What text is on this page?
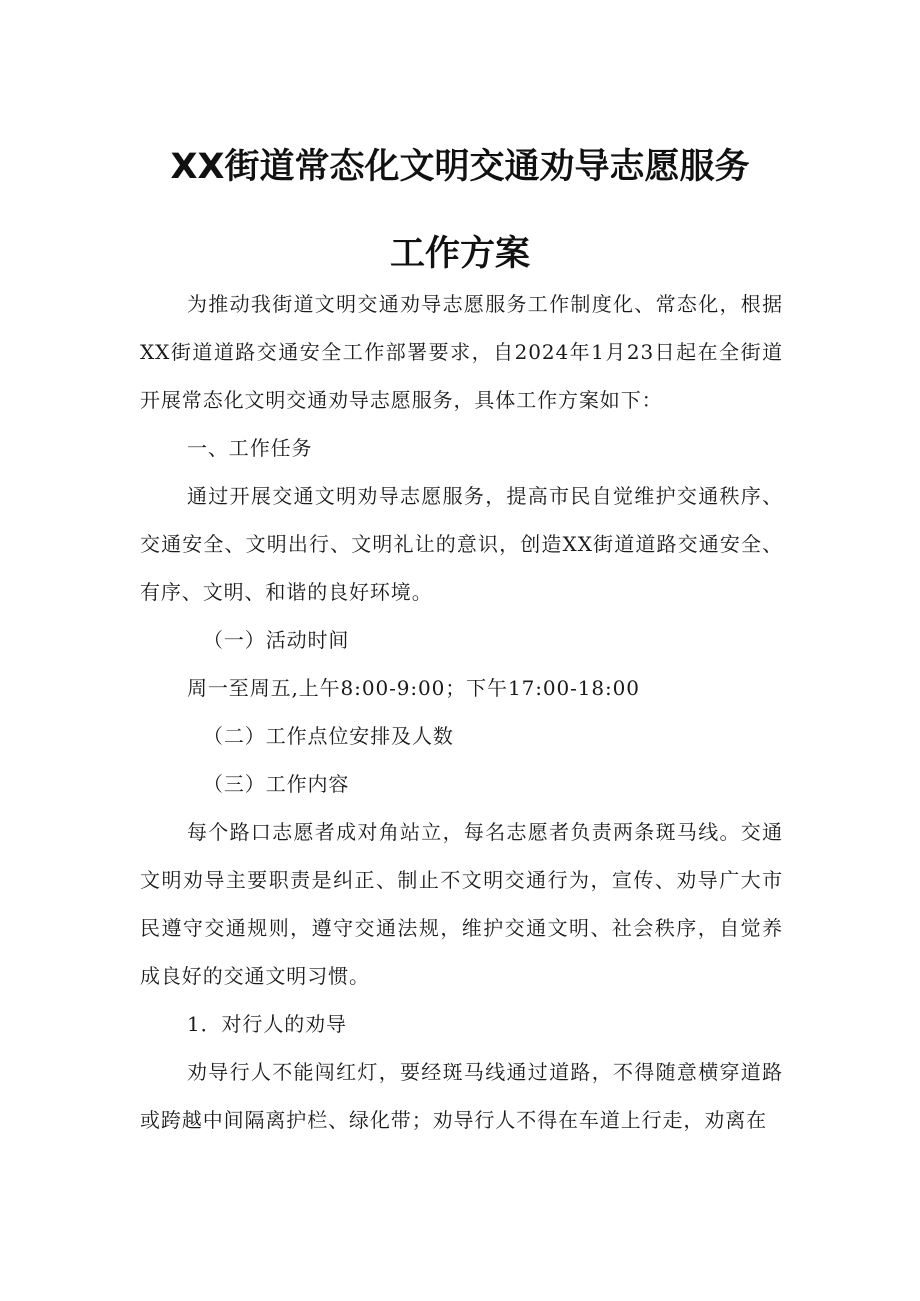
XX街道常态化文明交通劝导志愿服务
工作方案
为推动我街道文明交通劝导志愿服务工作制度化、常态化，根据XX街道道路交通安全工作部署要求，自2024年1月23日起在全街道开展常态化文明交通劝导志愿服务，具体工作方案如下：
一、工作任务
通过开展交通文明劝导志愿服务，提高市民自觉维护交通秩序、交通安全、文明出行、文明礼让的意识，创造XX街道道路交通安全、有序、文明、和谐的良好环境。
（一）活动时间
周一至周五,上午8:00-9:00；下午17:00-18:00
（二）工作点位安排及人数
（三）工作内容
每个路口志愿者成对角站立，每名志愿者负责两条斑马线。交通文明劝导主要职责是纠正、制止不文明交通行为，宣传、劝导广大市民遵守交通规则，遵守交通法规，维护交通文明、社会秩序，自觉养成良好的交通文明习惯。
1．对行人的劝导
劝导行人不能闯红灯，要经斑马线通过道路，不得随意横穿道路或跨越中间隔离护栏、绿化带；劝导行人不得在车道上行走，劝离在
